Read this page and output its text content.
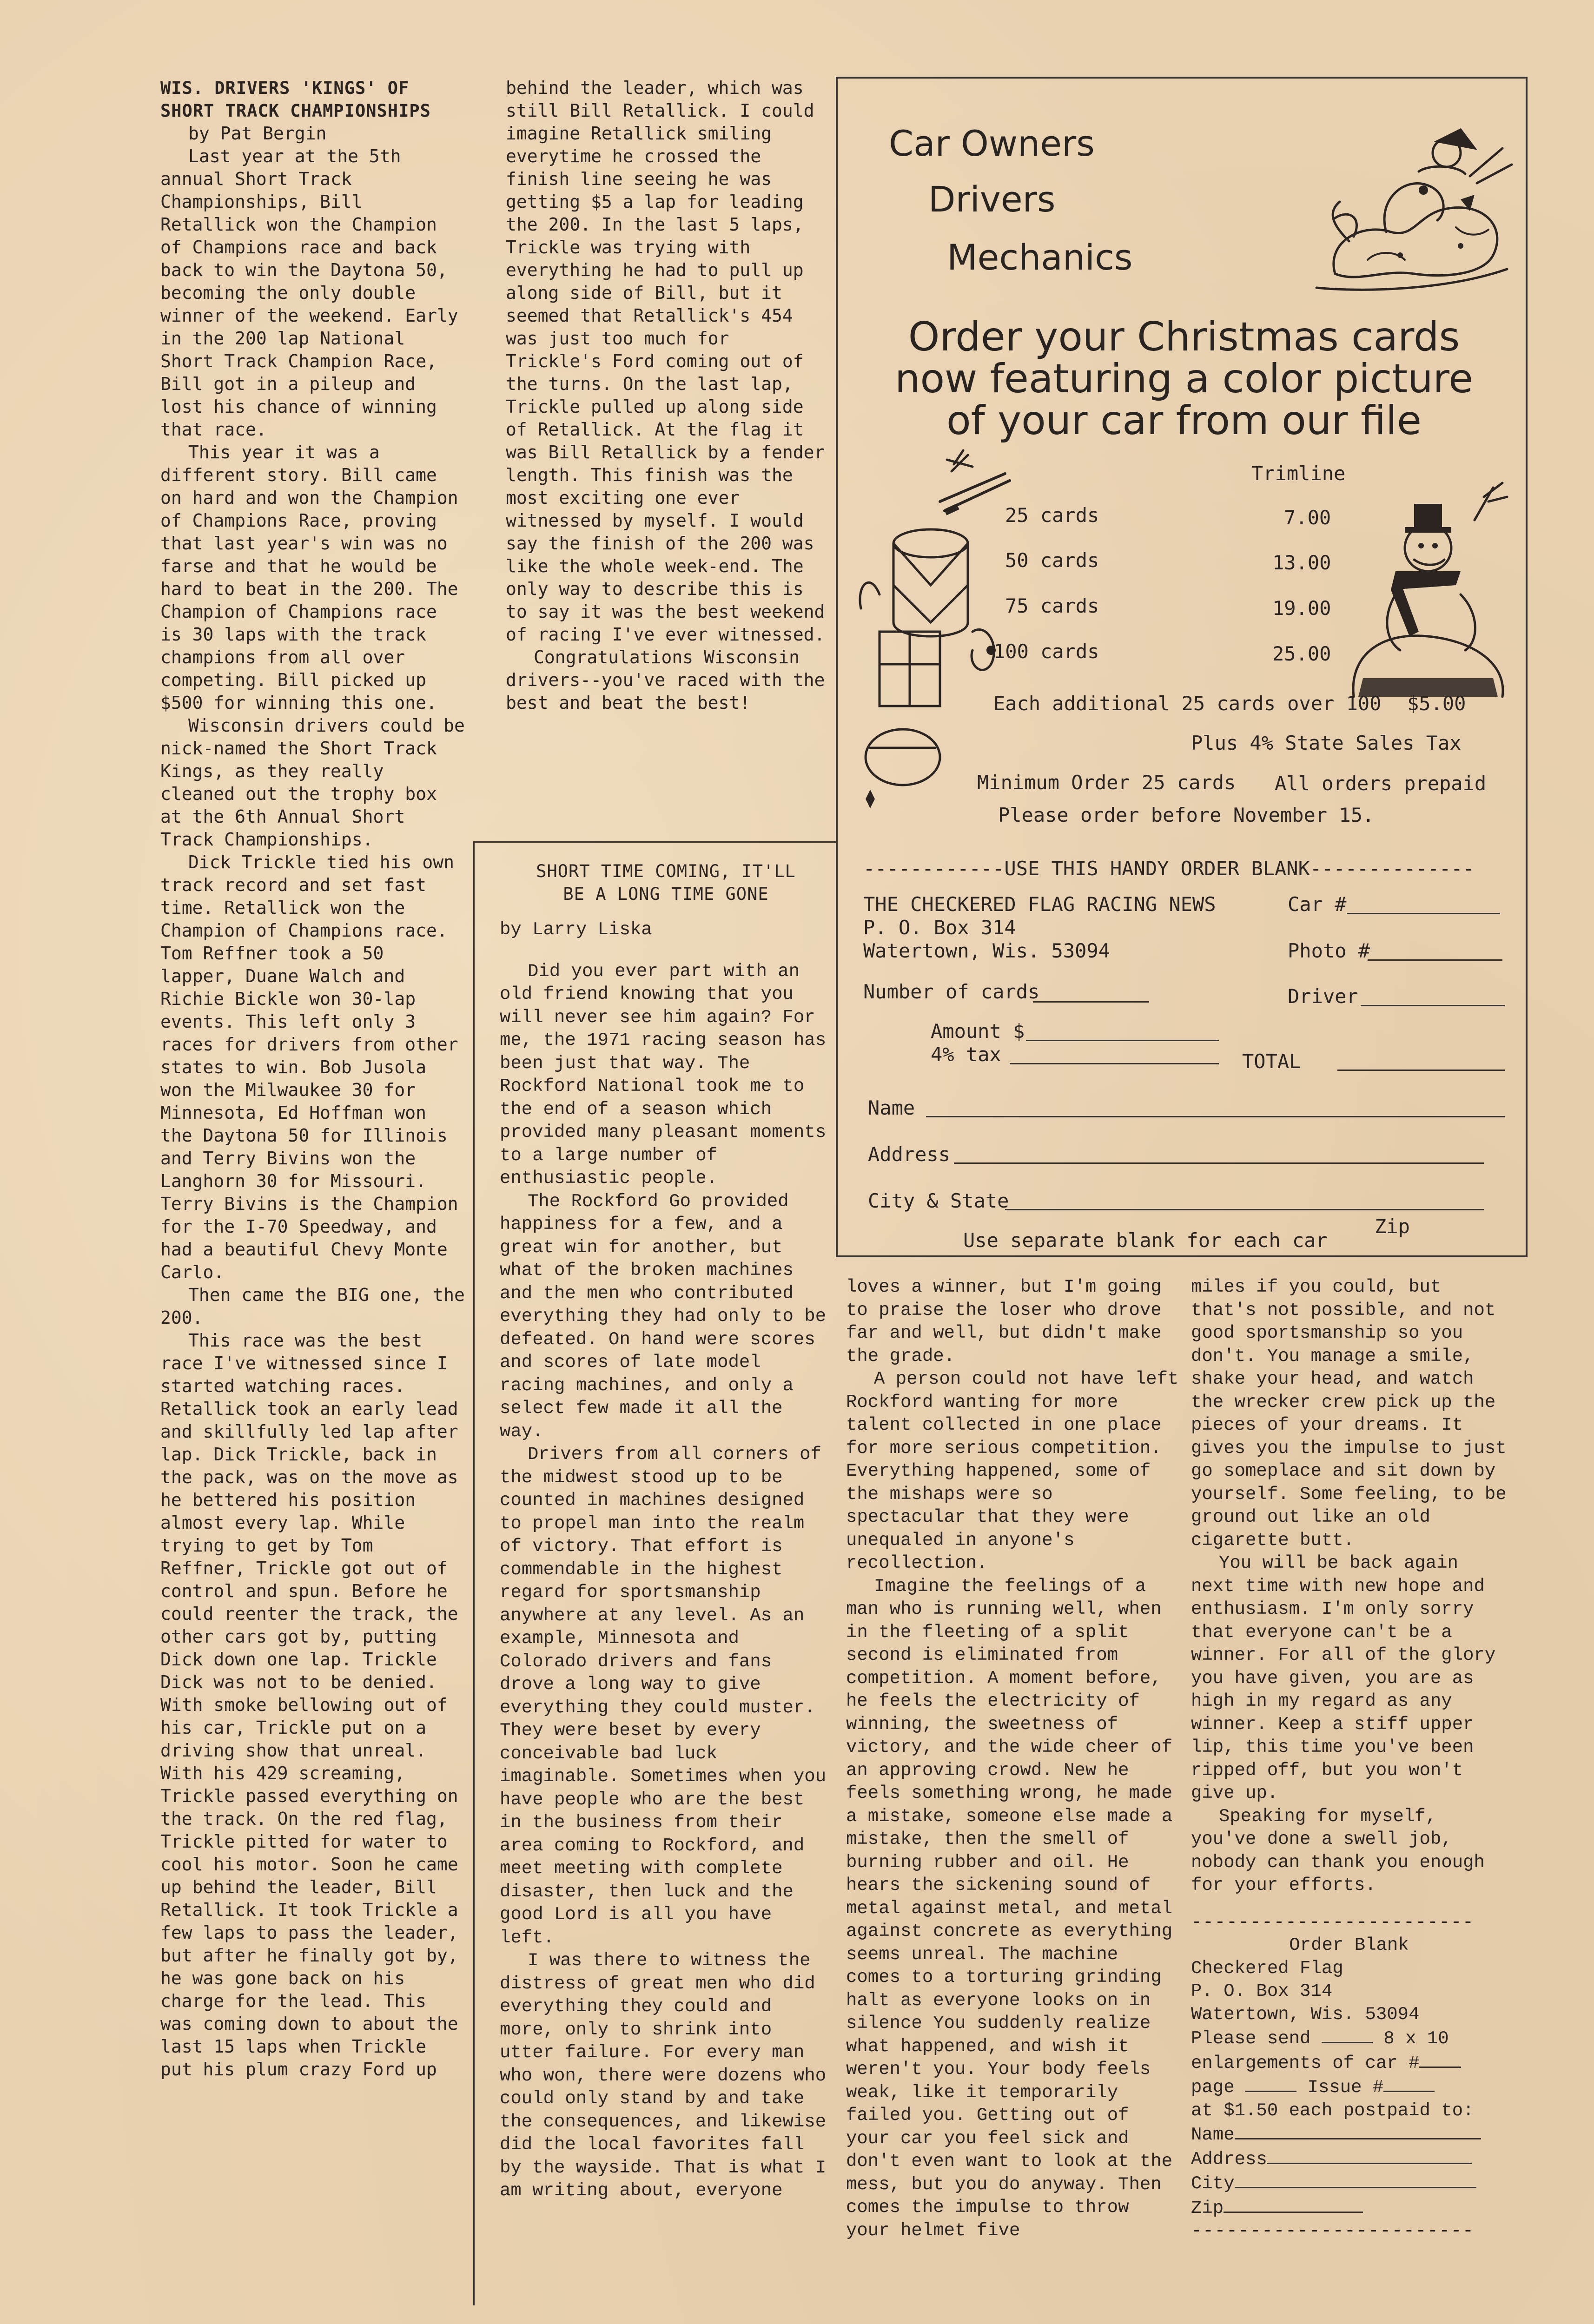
WIS. DRIVERS 'KINGS' OF
SHORT TRACK CHAMPIONSHIPS

by Pat Bergin

Last year at the 5th annual Short Track Championships, Bill Retallick won the Champion of Champions race and back back to win the Daytona 50, becoming the only double winner of the weekend. Early in the 200 lap National Short Track Champion Race, Bill got in a pileup and lost his chance of winning that race.

This year it was a different story. Bill came on hard and won the Champion of Champions Race, proving that last year's win was no farse and that he would be hard to beat in the 200. The Champion of Champions race is 30 laps with the track champions from all over competing. Bill picked up $500 for winning this one.

Wisconsin drivers could be nick-named the Short Track Kings, as they really cleaned out the trophy box at the 6th Annual Short Track Championships.

Dick Trickle tied his own track record and set fast time. Retallick won the Champion of Champions race. Tom Reffner took a 50 lapper, Duane Walch and Richie Bickle won 30-lap events. This left only 3 races for drivers from other states to win. Bob Jusola won the Milwaukee 30 for Minnesota, Ed Hoffman won the Daytona 50 for Illinois and Terry Bivins won the Langhorn 30 for Missouri. Terry Bivins is the Champion for the I-70 Speedway, and had a beautiful Chevy Monte Carlo.

Then came the BIG one, the 200.

This race was the best race I've witnessed since I started watching races. Retallick took an early lead and skillfully led lap after lap. Dick Trickle, back in the pack, was on the move as he bettered his position almost every lap. While trying to get by Tom Reffner, Trickle got out of control and spun. Before he could reenter the track, the other cars got by, putting Dick down one lap. Trickle Dick was not to be denied. With smoke bellowing out of his car, Trickle put on a driving show that unreal. With his 429 screaming, Trickle passed everything on the track. On the red flag, Trickle pitted for water to cool his motor. Soon he came up behind the leader, Bill Retallick. It took Trickle a few laps to pass the leader, but after he finally got by, he was gone back on his charge for the lead. This was coming down to about the last 15 laps when Trickle put his plum crazy Ford up

behind the leader, which was still Bill Retallick. I could imagine Retallick smiling everytime he crossed the finish line seeing he was getting $5 a lap for leading the 200. In the last 5 laps, Trickle was trying with everything he had to pull up along side of Bill, but it seemed that Retallick's 454 was just too much for Trickle's Ford coming out of the turns. On the last lap, Trickle pulled up along side of Retallick. At the flag it was Bill Retallick by a fender length. This finish was the most exciting one ever witnessed by myself. I would say the finish of the 200 was like the whole week-end. The only way to describe this is to say it was the best weekend of racing I've ever witnessed.

Congratulations Wisconsin drivers--you've raced with the best and beat the best!

SHORT TIME COMING, IT'LL
BE A LONG TIME GONE

by Larry Liska

Did you ever part with an old friend knowing that you will never see him again? For me, the 1971 racing season has been just that way. The Rockford National took me to the end of a season which provided many pleasant moments to a large number of enthusiastic people.

The Rockford Go provided happiness for a few, and a great win for another, but what of the broken machines and the men who contributed everything they had only to be defeated. On hand were scores and scores of late model racing machines, and only a select few made it all the way.

Drivers from all corners of the midwest stood up to be counted in machines designed to propel man into the realm of victory. That effort is commendable in the highest regard for sportsmanship anywhere at any level. As an example, Minnesota and Colorado drivers and fans drove a long way to give everything they could muster. They were beset by every conceivable bad luck imaginable. Sometimes when you have people who are the best in the business from their area coming to Rockford, and meet meeting with complete disaster, then luck and the good Lord is all you have left.

I was there to witness the distress of great men who did everything they could and more, only to shrink into utter failure. For every man who won, there were dozens who could only stand by and take the consequences, and likewise did the local favorites fall by the wayside. That is what I am writing about, everyone

loves a winner, but I'm going to praise the loser who drove far and well, but didn't make the grade.

A person could not have left Rockford wanting for more talent collected in one place for more serious competition. Everything happened, some of the mishaps were so spectacular that they were unequaled in anyone's recollection.

Imagine the feelings of a man who is running well, when in the fleeting of a split second is eliminated from competition. A moment before, he feels the electricity of winning, the sweetness of victory, and the wide cheer of an approving crowd. New he feels something wrong, he made a mistake, someone else made a mistake, then the smell of burning rubber and oil. He hears the sickening sound of metal against metal, and metal against concrete as everything seems unreal. The machine comes to a torturing grinding halt as everyone looks on in silence You suddenly realize what happened, and wish it weren't you. Your body feels weak, like it temporarily failed you. Getting out of your car you feel sick and don't even want to look at the mess, but you do anyway. Then comes the impulse to throw your helmet five

miles if you could, but that's not possible, and not good sportsmanship so you don't. You manage a smile, shake your head, and watch the wrecker crew pick up the pieces of your dreams. It gives you the impulse to just go someplace and sit down by yourself. Some feeling, to be ground out like an old cigarette butt.

You will be back again next time with new hope and enthusiasm. I'm only sorry that everyone can't be a winner. For all of the glory you have given, you are as high in my regard as any winner. Keep a stiff upper lip, this time you've been ripped off, but you won't give up.

Speaking for myself, you've done a swell job, nobody can thank you enough for your efforts.

------------------------
Order Blank
Checkered Flag
P. O. Box 314
Watertown, Wis. 53094
Please send	8 x 10
enlargements of car #
page	Issue #
at $1.50 each postpaid to:
Name
Address
City
Zip
------------------------
Car Owners
Drivers
Mechanics
Order your Christmas cards
now featuring a color picture
of your car from our file
Trimline
25 cards	7.00
50 cards	13.00
75 cards	19.00
100 cards	25.00
Each additional 25 cards over 100 $5.00
Plus 4% State Sales Tax
Minimum Order 25 cards All orders prepaid
Please order before November 15.
------------USE THIS HANDY ORDER BLANK--------------
THE CHECKERED FLAG RACING NEWS
P. O. Box 314
Watertown, Wis. 53094
Car #
Photo #
Number of cards	Driver
Amount $
4% tax	TOTAL
Name
Address
City & State
Zip
Use separate blank for each car
